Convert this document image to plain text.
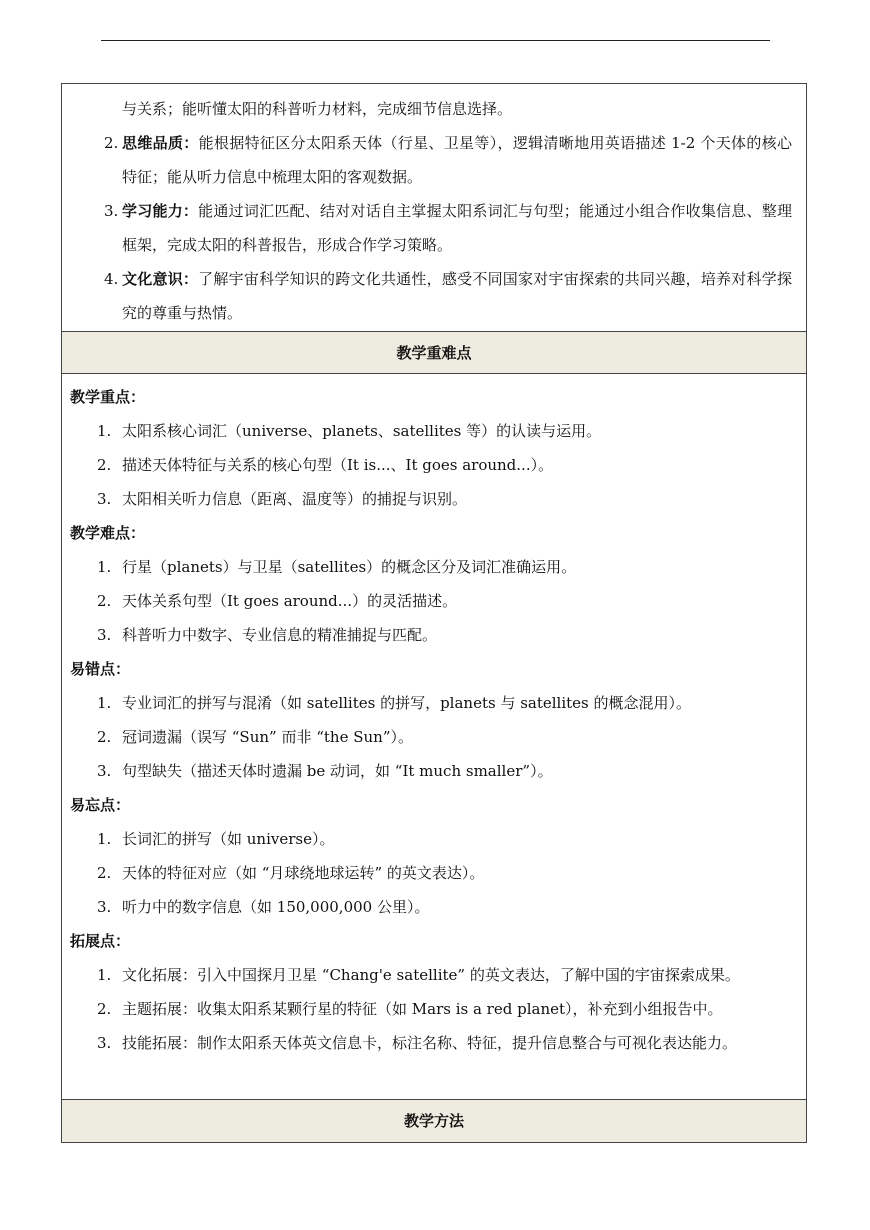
与关系；能听懂太阳的科普听力材料，完成细节信息选择。
2. 思维品质：能根据特征区分太阳系天体（行星、卫星等），逻辑清晰地用英语描述 1-2 个天体的核心特征；能从听力信息中梳理太阳的客观数据。
3. 学习能力：能通过词汇匹配、结对对话自主掌握太阳系词汇与句型；能通过小组合作收集信息、整理框架，完成太阳的科普报告，形成合作学习策略。
4. 文化意识：了解宇宙科学知识的跨文化共通性，感受不同国家对宇宙探索的共同兴趣，培养对科学探究的尊重与热情。
教学重难点
教学重点：
1. 太阳系核心词汇（universe、planets、satellites 等）的认读与运用。
2. 描述天体特征与关系的核心句型（It is...、It goes around...）。
3. 太阳相关听力信息（距离、温度等）的捕捉与识别。
教学难点：
1. 行星（planets）与卫星（satellites）的概念区分及词汇准确运用。
2. 天体关系句型（It goes around...）的灵活描述。
3. 科普听力中数字、专业信息的精准捕捉与匹配。
易错点：
1. 专业词汇的拼写与混淆（如 satellites 的拼写，planets 与 satellites 的概念混用）。
2. 冠词遗漏（误写 “Sun” 而非 “the Sun”）。
3. 句型缺失（描述天体时遗漏 be 动词，如 “It much smaller”）。
易忘点：
1. 长词汇的拼写（如 universe）。
2. 天体的特征对应（如 “月球绕地球运转” 的英文表达）。
3. 听力中的数字信息（如 150,000,000 公里）。
拓展点：
1. 文化拓展：引入中国探月卫星 “Chang'e satellite” 的英文表达，了解中国的宇宙探索成果。
2. 主题拓展：收集太阳系某颗行星的特征（如 Mars is a red planet），补充到小组报告中。
3. 技能拓展：制作太阳系天体英文信息卡，标注名称、特征，提升信息整合与可视化表达能力。
教学方法
